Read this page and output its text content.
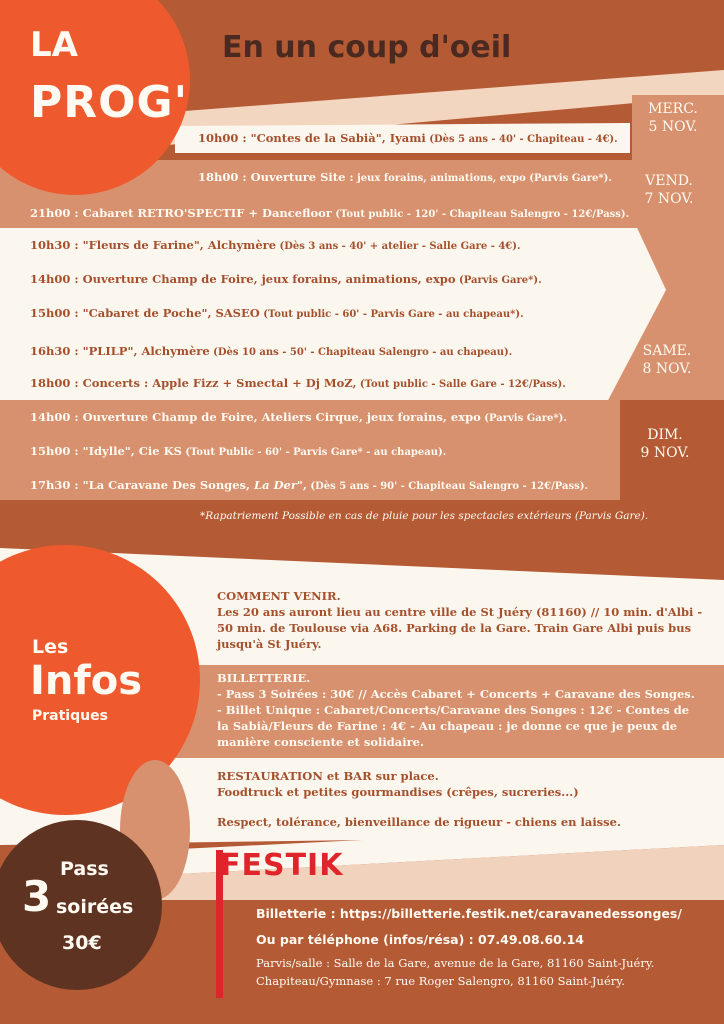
LA
PROG'
En un coup d'oeil
MERC.
5 NOV.
VEND.
7 NOV.
SAME.
8 NOV.
DIM.
9 NOV.
10h00 : "Contes de la Sabià", Iyami (Dès 5 ans - 40' - Chapiteau - 4€).
18h00 : Ouverture Site : jeux forains, animations, expo (Parvis Gare*).
21h00 : Cabaret RETRO'SPECTIF + Dancefloor (Tout public - 120' - Chapiteau Salengro - 12€/Pass).
10h30 : "Fleurs de Farine", Alchymère (Dès 3 ans - 40' + atelier - Salle Gare - 4€).
14h00 : Ouverture Champ de Foire, jeux forains, animations, expo (Parvis Gare*).
15h00 : "Cabaret de Poche", SASEO (Tout public - 60' - Parvis Gare - au chapeau*).
16h30 : "PLILP", Alchymère (Dès 10 ans - 50' - Chapiteau Salengro - au chapeau).
18h00 : Concerts : Apple Fizz + Smectal + Dj MoZ, (Tout public - Salle Gare - 12€/Pass).
14h00 : Ouverture Champ de Foire, Ateliers Cirque, jeux forains, expo (Parvis Gare*).
15h00 : "Idylle", Cie KS (Tout Public - 60' - Parvis Gare* - au chapeau).
17h30 : "La Caravane Des Songes, La Der", (Dès 5 ans - 90' - Chapiteau Salengro - 12€/Pass).
*Rapatriement Possible en cas de pluie pour les spectacles extérieurs (Parvis Gare).
Les
Infos
Pratiques
COMMENT VENIR.
Les 20 ans auront lieu au centre ville de St Juéry (81160) // 10 min. d'Albi -
50 min. de Toulouse via A68. Parking de la Gare. Train Gare Albi puis bus
jusqu'à St Juéry.
BILLETTERIE.
- Pass 3 Soirées : 30€ // Accès Cabaret + Concerts + Caravane des Songes.
- Billet Unique : Cabaret/Concerts/Caravane des Songes : 12€ - Contes de
la Sabià/Fleurs de Farine : 4€ - Au chapeau : je donne ce que je peux de
manière consciente et solidaire.
RESTAURATION et BAR sur place.
Foodtruck et petites gourmandises (crêpes, sucreries...)
Respect, tolérance, bienveillance de rigueur - chiens en laisse.
3
Pass
soirées
30€
FESTIK
Billetterie : https://billetterie.festik.net/caravanedessonges/
Ou par téléphone (infos/résa) : 07.49.08.60.14
Parvis/salle : Salle de la Gare, avenue de la Gare, 81160 Saint-Juéry.
Chapiteau/Gymnase : 7 rue Roger Salengro, 81160 Saint-Juéry.
